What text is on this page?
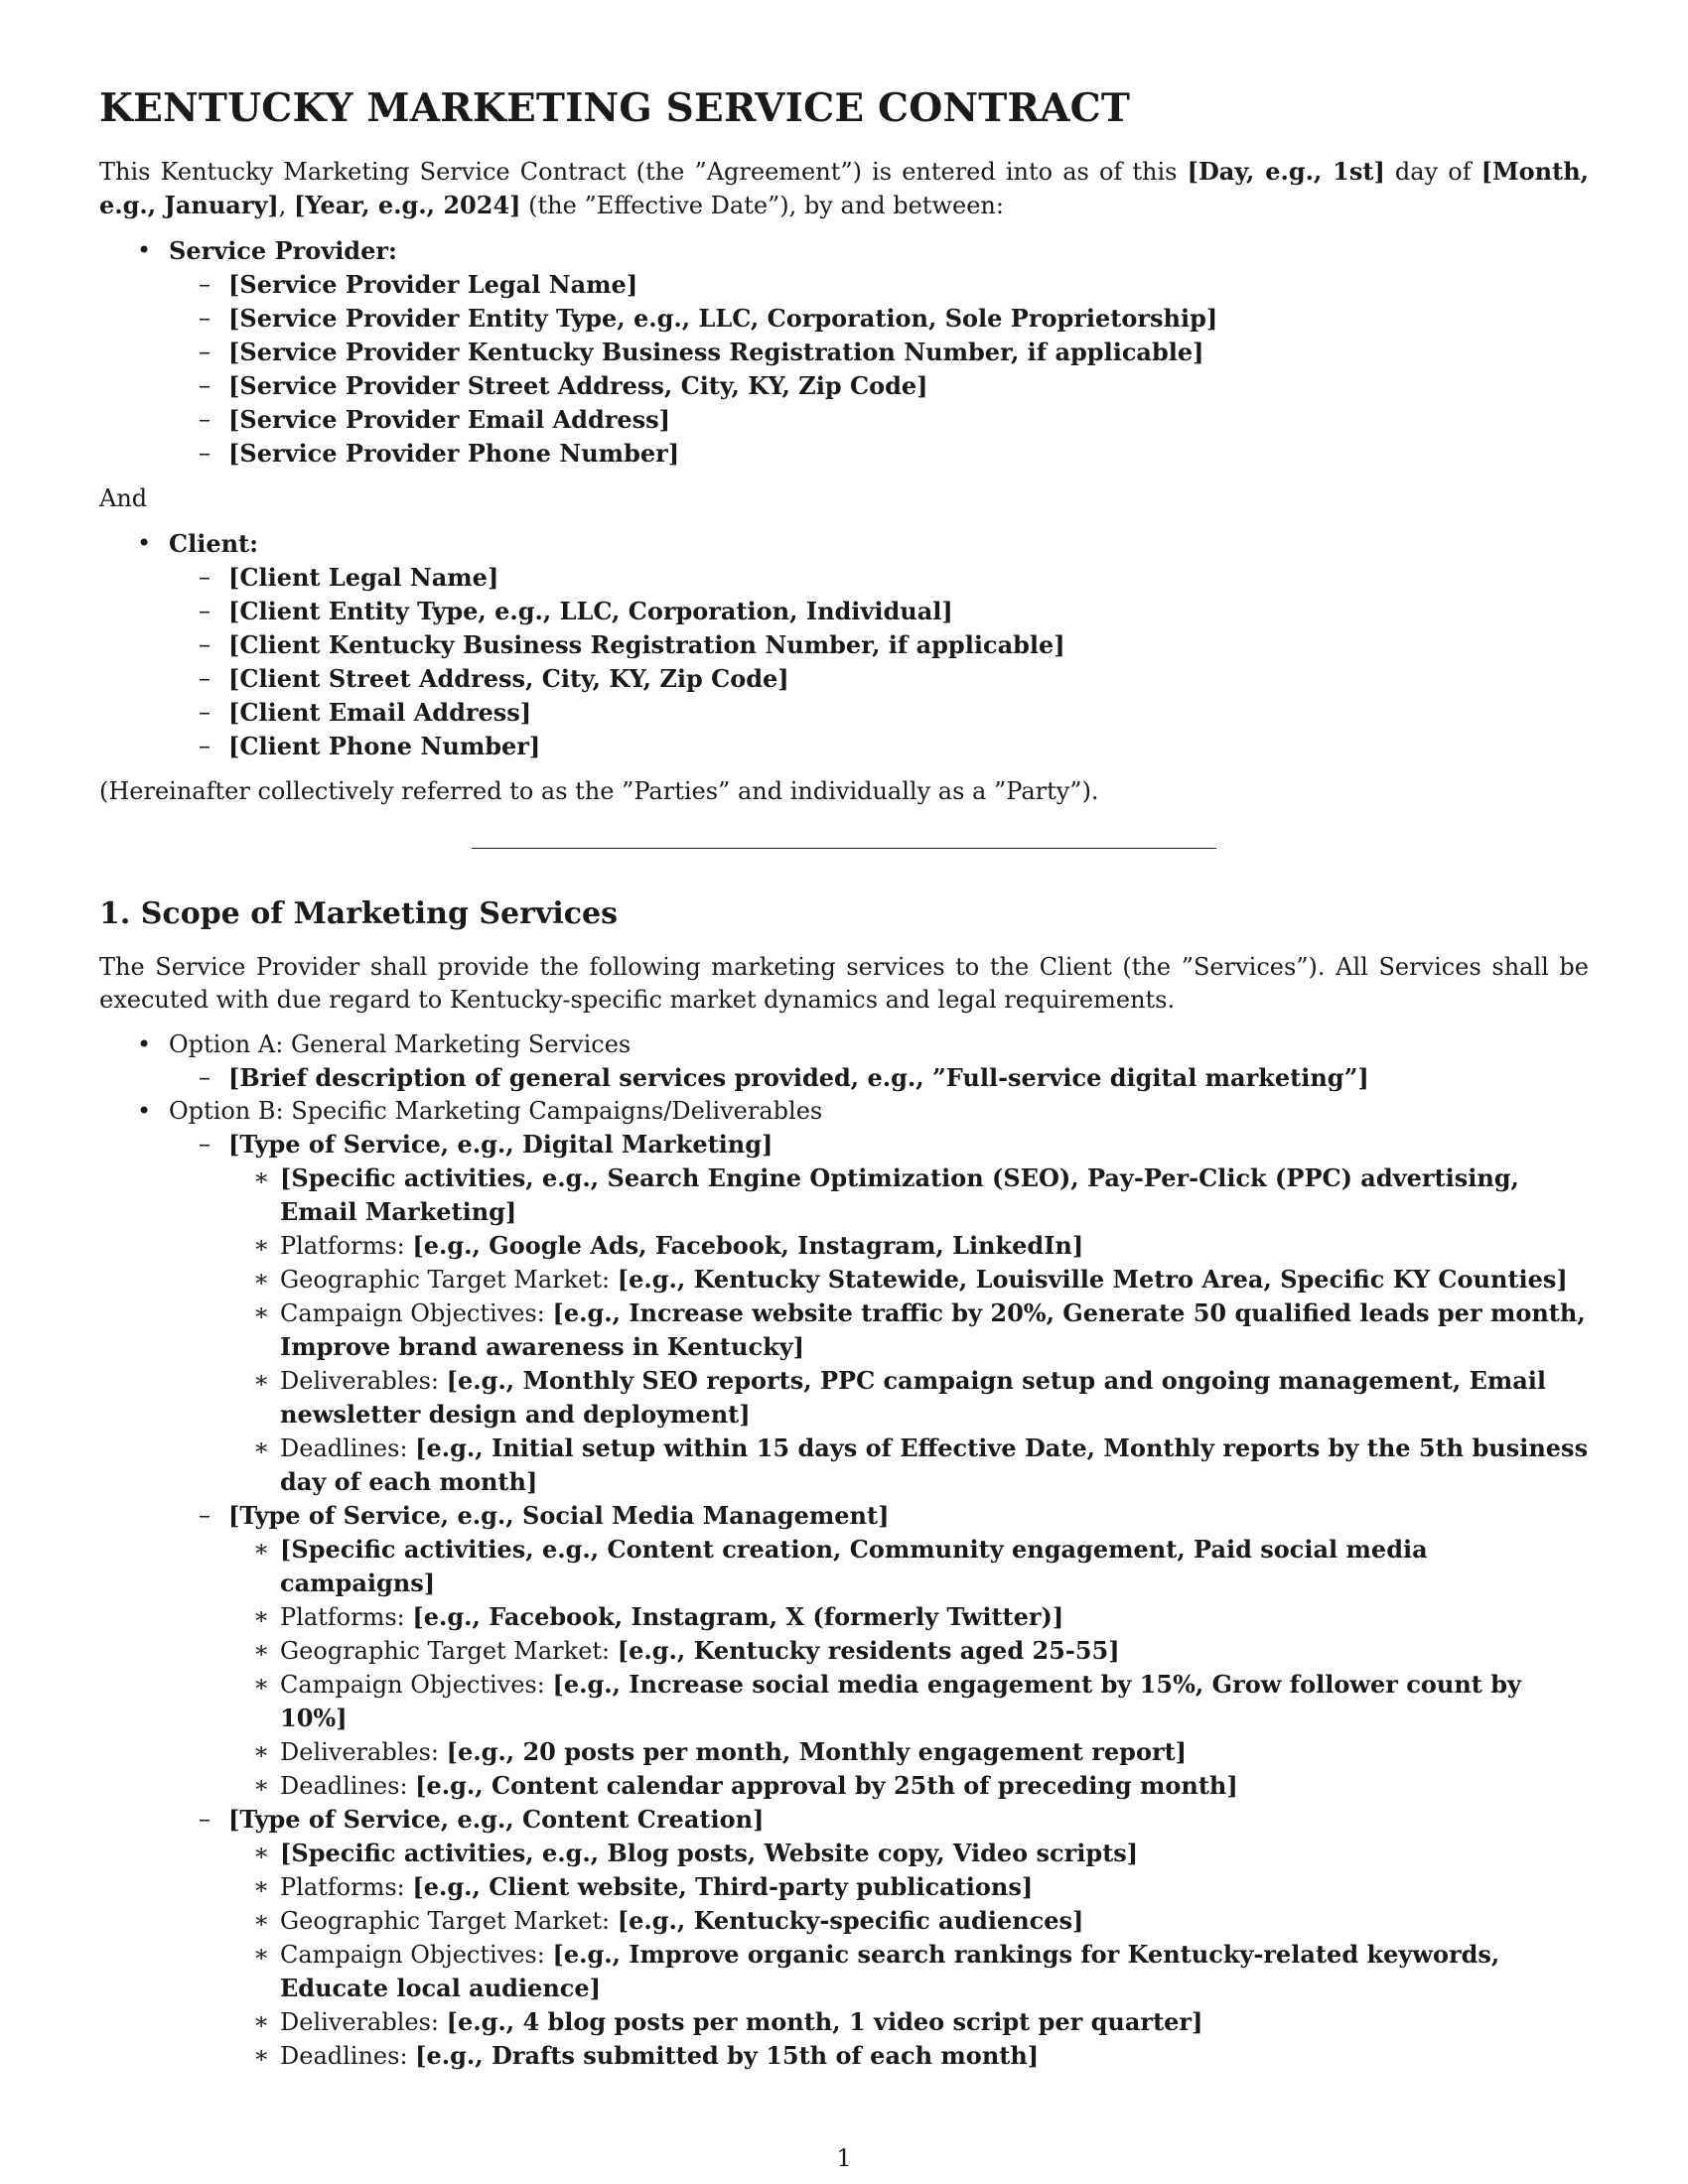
KENTUCKY MARKETING SERVICE CONTRACT

This Kentucky Marketing Service Contract (the ”Agreement”) is entered into as of this [Day, e.g., 1st] day of [Month, e.g., January], [Year, e.g., 2024] (the ”Effective Date”), by and between:

• Service Provider:
– [Service Provider Legal Name]
– [Service Provider Entity Type, e.g., LLC, Corporation, Sole Proprietorship]
– [Service Provider Kentucky Business Registration Number, if applicable]
– [Service Provider Street Address, City, KY, Zip Code]
– [Service Provider Email Address]
– [Service Provider Phone Number]

And

• Client:
– [Client Legal Name]
– [Client Entity Type, e.g., LLC, Corporation, Individual]
– [Client Kentucky Business Registration Number, if applicable]
– [Client Street Address, City, KY, Zip Code]
– [Client Email Address]
– [Client Phone Number]

(Hereinafter collectively referred to as the ”Parties” and individually as a ”Party”).

1. Scope of Marketing Services

The Service Provider shall provide the following marketing services to the Client (the ”Services”). All Services shall be executed with due regard to Kentucky-specific market dynamics and legal requirements.

• Option A: General Marketing Services
– [Brief description of general services provided, e.g., ”Full-service digital marketing”]
• Option B: Specific Marketing Campaigns/Deliverables
– [Type of Service, e.g., Digital Marketing]
∗ [Specific activities, e.g., Search Engine Optimization (SEO), Pay-Per-Click (PPC) advertising, Email Marketing]
∗ Platforms: [e.g., Google Ads, Facebook, Instagram, LinkedIn]
∗ Geographic Target Market: [e.g., Kentucky Statewide, Louisville Metro Area, Specific KY Counties]
∗ Campaign Objectives: [e.g., Increase website traffic by 20%, Generate 50 qualified leads per month, Improve brand awareness in Kentucky]
∗ Deliverables: [e.g., Monthly SEO reports, PPC campaign setup and ongoing management, Email newsletter design and deployment]
∗ Deadlines: [e.g., Initial setup within 15 days of Effective Date, Monthly reports by the 5th business day of each month]
– [Type of Service, e.g., Social Media Management]
∗ [Specific activities, e.g., Content creation, Community engagement, Paid social media campaigns]
∗ Platforms: [e.g., Facebook, Instagram, X (formerly Twitter)]
∗ Geographic Target Market: [e.g., Kentucky residents aged 25-55]
∗ Campaign Objectives: [e.g., Increase social media engagement by 15%, Grow follower count by 10%]
∗ Deliverables: [e.g., 20 posts per month, Monthly engagement report]
∗ Deadlines: [e.g., Content calendar approval by 25th of preceding month]
– [Type of Service, e.g., Content Creation]
∗ [Specific activities, e.g., Blog posts, Website copy, Video scripts]
∗ Platforms: [e.g., Client website, Third-party publications]
∗ Geographic Target Market: [e.g., Kentucky-specific audiences]
∗ Campaign Objectives: [e.g., Improve organic search rankings for Kentucky-related keywords, Educate local audience]
∗ Deliverables: [e.g., 4 blog posts per month, 1 video script per quarter]
∗ Deadlines: [e.g., Drafts submitted by 15th of each month]
1
